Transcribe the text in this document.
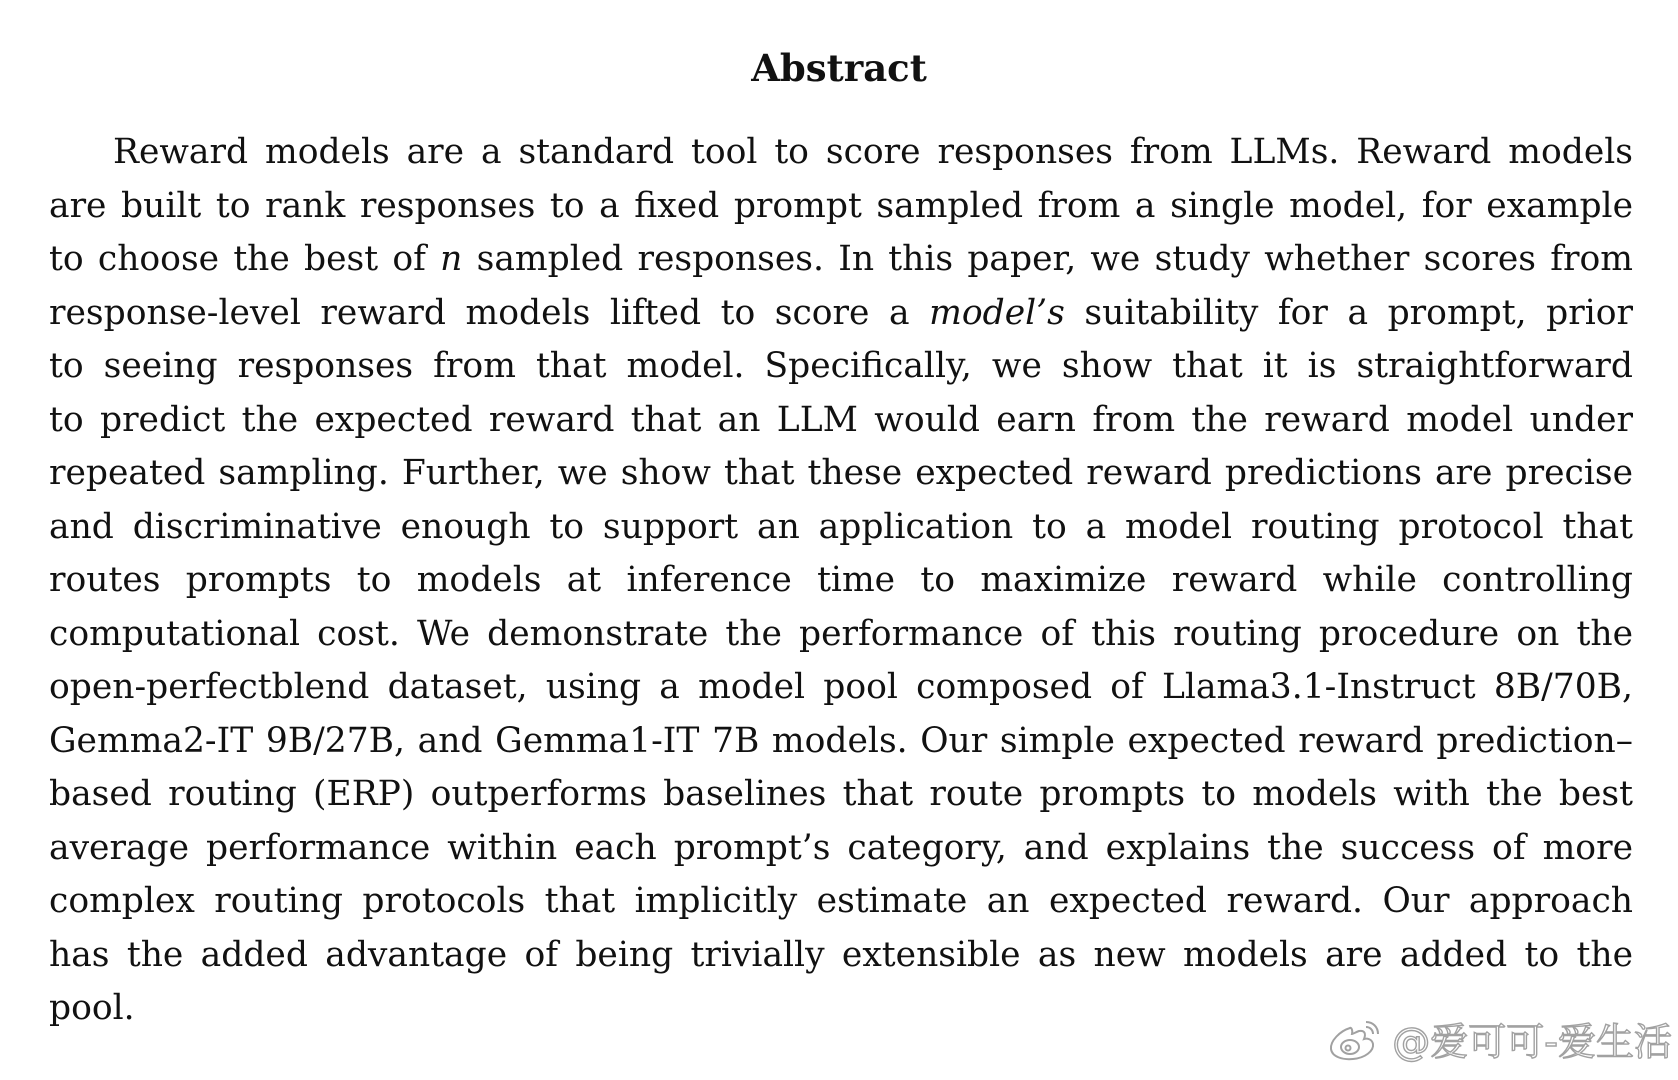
Abstract
Reward models are a standard tool to score responses from LLMs. Reward models
are built to rank responses to a fixed prompt sampled from a single model, for example
to choose the best of n sampled responses. In this paper, we study whether scores from
response-level reward models lifted to score a model’s suitability for a prompt, prior
to seeing responses from that model. Specifically, we show that it is straightforward
to predict the expected reward that an LLM would earn from the reward model under
repeated sampling. Further, we show that these expected reward predictions are precise
and discriminative enough to support an application to a model routing protocol that
routes prompts to models at inference time to maximize reward while controlling
computational cost. We demonstrate the performance of this routing procedure on the
open-perfectblend dataset, using a model pool composed of Llama3.1-Instruct 8B/70B,
Gemma2-IT 9B/27B, and Gemma1-IT 7B models. Our simple expected reward prediction–
based routing (ERP) outperforms baselines that route prompts to models with the best
average performance within each prompt’s category, and explains the success of more
complex routing protocols that implicitly estimate an expected reward. Our approach
has the added advantage of being trivially extensible as new models are added to the
pool.
@爱可可-爱生活
